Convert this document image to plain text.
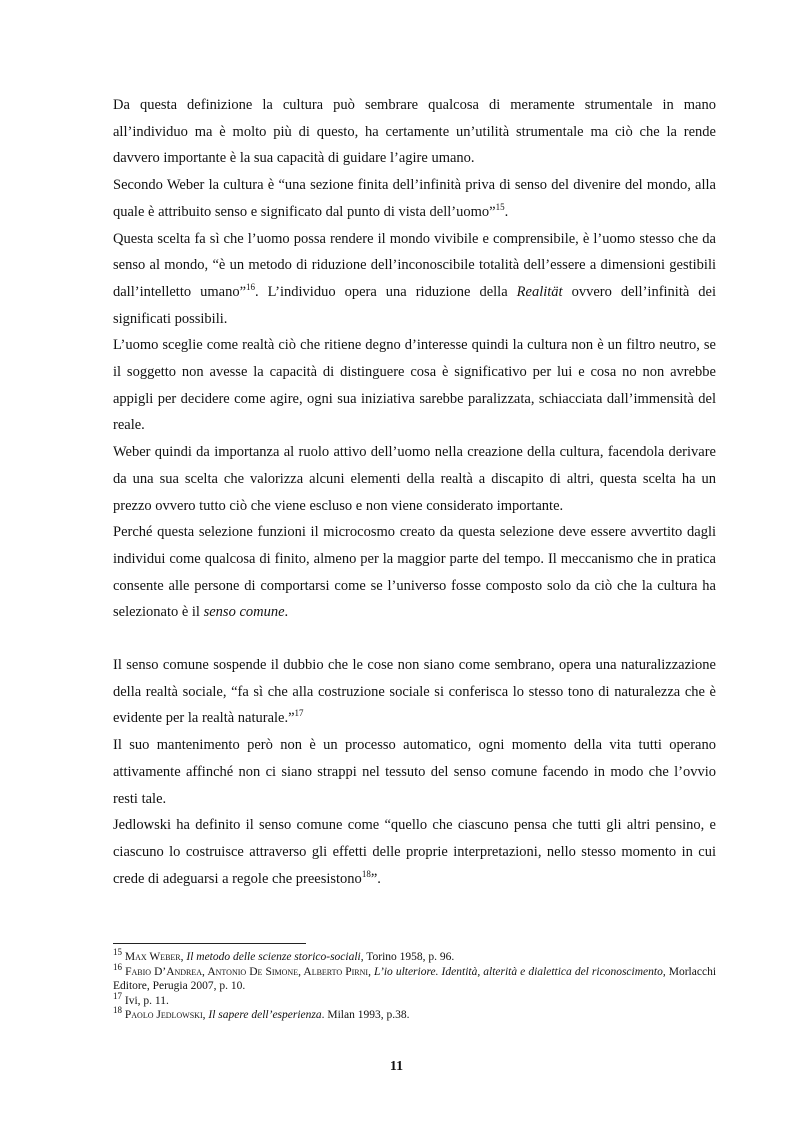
Da questa definizione la cultura può sembrare qualcosa di meramente strumentale in mano all’individuo ma è molto più di questo, ha certamente un’utilità strumentale ma ciò che la rende davvero importante è la sua capacità di guidare l’agire umano.

Secondo Weber la cultura è “una sezione finita dell’infinità priva di senso del divenire del mondo, alla quale è attribuito senso e significato dal punto di vista dell’uomo”$^{15}$.

Questa scelta fa sì che l’uomo possa rendere il mondo vivibile e comprensibile, è l’uomo stesso che da senso al mondo, “è un metodo di riduzione dell’inconoscibile totalità dell’essere a dimensioni gestibili dall’intelletto umano”$^{16}$. L’individuo opera una riduzione della Realität ovvero dell’infinità dei significati possibili.

L’uomo sceglie come realtà ciò che ritiene degno d’interesse quindi la cultura non è un filtro neutro, se il soggetto non avesse la capacità di distinguere cosa è significativo per lui e cosa no non avrebbe appigli per decidere come agire, ogni sua iniziativa sarebbe paralizzata, schiacciata dall’immensità del reale.

Weber quindi da importanza al ruolo attivo dell’uomo nella creazione della cultura, facendola derivare da una sua scelta che valorizza alcuni elementi della realtà a discapito di altri, questa scelta ha un prezzo ovvero tutto ciò che viene escluso e non viene considerato importante.

Perché questa selezione funzioni il microcosmo creato da questa selezione deve essere avvertito dagli individui come qualcosa di finito, almeno per la maggior parte del tempo. Il meccanismo che in pratica consente alle persone di comportarsi come se l’universo fosse composto solo da ciò che la cultura ha selezionato è il senso comune.

Il senso comune sospende il dubbio che le cose non siano come sembrano, opera una naturalizzazione della realtà sociale, “fa sì che alla costruzione sociale si conferisca lo stesso tono di naturalezza che è evidente per la realtà naturale.”$^{17}$

Il suo mantenimento però non è un processo automatico, ogni momento della vita tutti operano attivamente affinché non ci siano strappi nel tessuto del senso comune facendo in modo che l’ovvio resti tale.

Jedlowski ha definito il senso comune come “quello che ciascuno pensa che tutti gli altri pensino, e ciascuno lo costruisce attraverso gli effetti delle proprie interpretazioni, nello stesso momento in cui crede di adeguarsi a regole che preesistono$^{18}$”.

$^{15}$ Max Weber, Il metodo delle scienze storico-sociali, Torino 1958, p. 96.

$^{16}$ Fabio D’Andrea, Antonio De Simone, Alberto Pirni, L’io ulteriore. Identità, alterità e dialettica del riconoscimento, Morlacchi Editore, Perugia 2007, p. 10.

$^{17}$ Ivi, p. 11.

$^{18}$ Paolo Jedlowski, Il sapere dell’esperienza. Milan 1993, p.38.

11
